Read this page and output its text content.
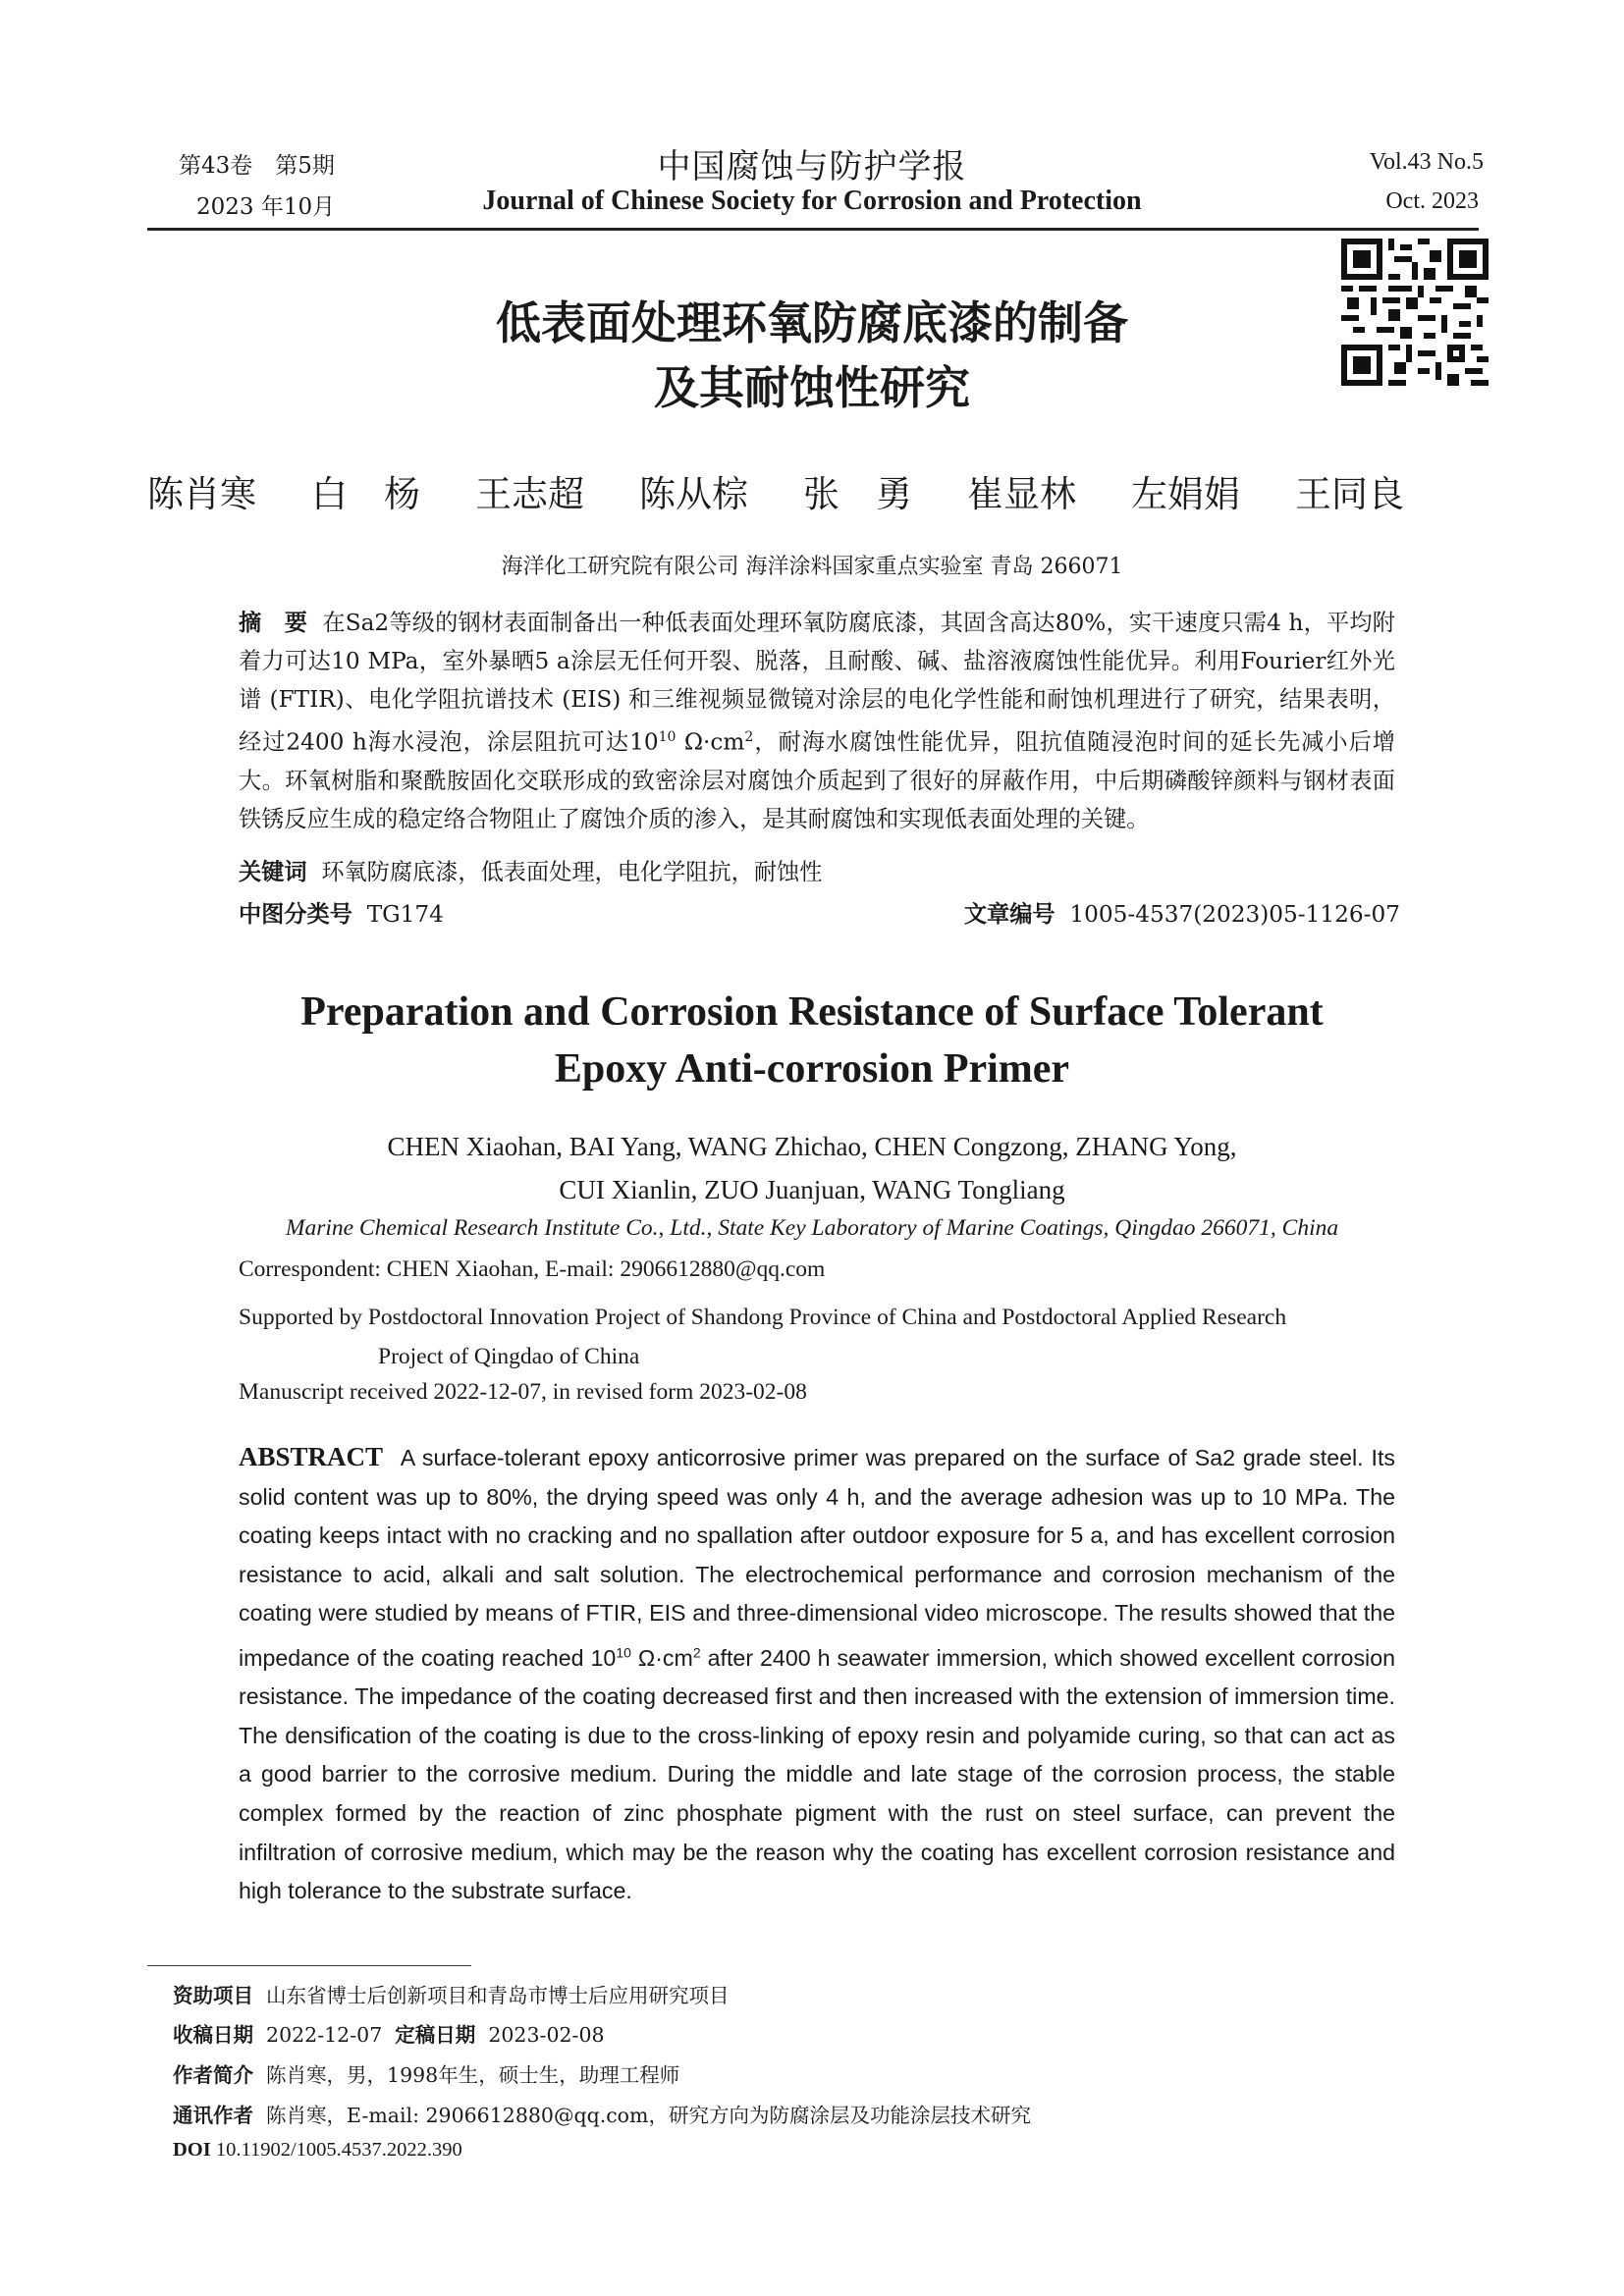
第43卷　第5期
2023 年10月
中国腐蚀与防护学报
Journal of Chinese Society for Corrosion and Protection
Vol.43 No.5
Oct. 2023
低表面处理环氧防腐底漆的制备
及其耐蚀性研究
陈肖寒 白　杨 王志超 陈从棕 张　勇 崔显林 左娟娟 王同良
海洋化工研究院有限公司 海洋涂料国家重点实验室 青岛 266071
摘　要 在Sa2等级的钢材表面制备出一种低表面处理环氧防腐底漆，其固含高达80%，实干速度只需4 h，平均附着力可达10 MPa，室外暴晒5 a涂层无任何开裂、脱落，且耐酸、碱、盐溶液腐蚀性能优异。利用Fourier红外光谱 (FTIR)、电化学阻抗谱技术 (EIS) 和三维视频显微镜对涂层的电化学性能和耐蚀机理进行了研究，结果表明，经过2400 h海水浸泡，涂层阻抗可达$10^{10}$ $\Omega\cdot cm^2$，耐海水腐蚀性能优异，阻抗值随浸泡时间的延长先减小后增大。环氧树脂和聚酰胺固化交联形成的致密涂层对腐蚀介质起到了很好的屏蔽作用，中后期磷酸锌颜料与钢材表面铁锈反应生成的稳定络合物阻止了腐蚀介质的渗入，是其耐腐蚀和实现低表面处理的关键。
关键词 环氧防腐底漆，低表面处理，电化学阻抗，耐蚀性
中图分类号 TG174	文章编号 1005-4537(2023)05-1126-07
Preparation and Corrosion Resistance of Surface Tolerant
Epoxy Anti-corrosion Primer
CHEN Xiaohan, BAI Yang, WANG Zhichao, CHEN Congzong, ZHANG Yong,
CUI Xianlin, ZUO Juanjuan, WANG Tongliang
Marine Chemical Research Institute Co., Ltd., State Key Laboratory of Marine Coatings, Qingdao 266071, China
Correspondent: CHEN Xiaohan, E-mail: 2906612880@qq.com
Supported by Postdoctoral Innovation Project of Shandong Province of China and Postdoctoral Applied Research
Project of Qingdao of China
Manuscript received 2022-12-07, in revised form 2023-02-08
ABSTRACT A surface-tolerant epoxy anticorrosive primer was prepared on the surface of Sa2 grade steel. Its solid content was up to 80%, the drying speed was only 4 h, and the average adhesion was up to 10 MPa. The coating keeps intact with no cracking and no spallation after outdoor exposure for 5 a, and has excellent corrosion resistance to acid, alkali and salt solution. The electrochemical performance and corrosion mechanism of the coating were studied by means of FTIR, EIS and three-dimensional video microscope. The results showed that the impedance of the coating reached $10^{10}$ $\Omega\cdot cm^2$ after 2400 h seawater immersion, which showed excellent corrosion resistance. The impedance of the coating decreased first and then increased with the extension of immersion time. The densification of the coating is due to the cross-linking of epoxy resin and polyamide curing, so that can act as a good barrier to the corrosive medium. During the middle and late stage of the corrosion process, the stable complex formed by the reaction of zinc phosphate pigment with the rust on steel surface, can prevent the infiltration of corrosive medium, which may be the reason why the coating has excellent corrosion resistance and high tolerance to the substrate surface.
资助项目 山东省博士后创新项目和青岛市博士后应用研究项目
收稿日期 2022-12-07 定稿日期 2023-02-08
作者简介 陈肖寒，男，1998年生，硕士生，助理工程师
通讯作者 陈肖寒，E-mail: 2906612880@qq.com，研究方向为防腐涂层及功能涂层技术研究
DOI 10.11902/1005.4537.2022.390
